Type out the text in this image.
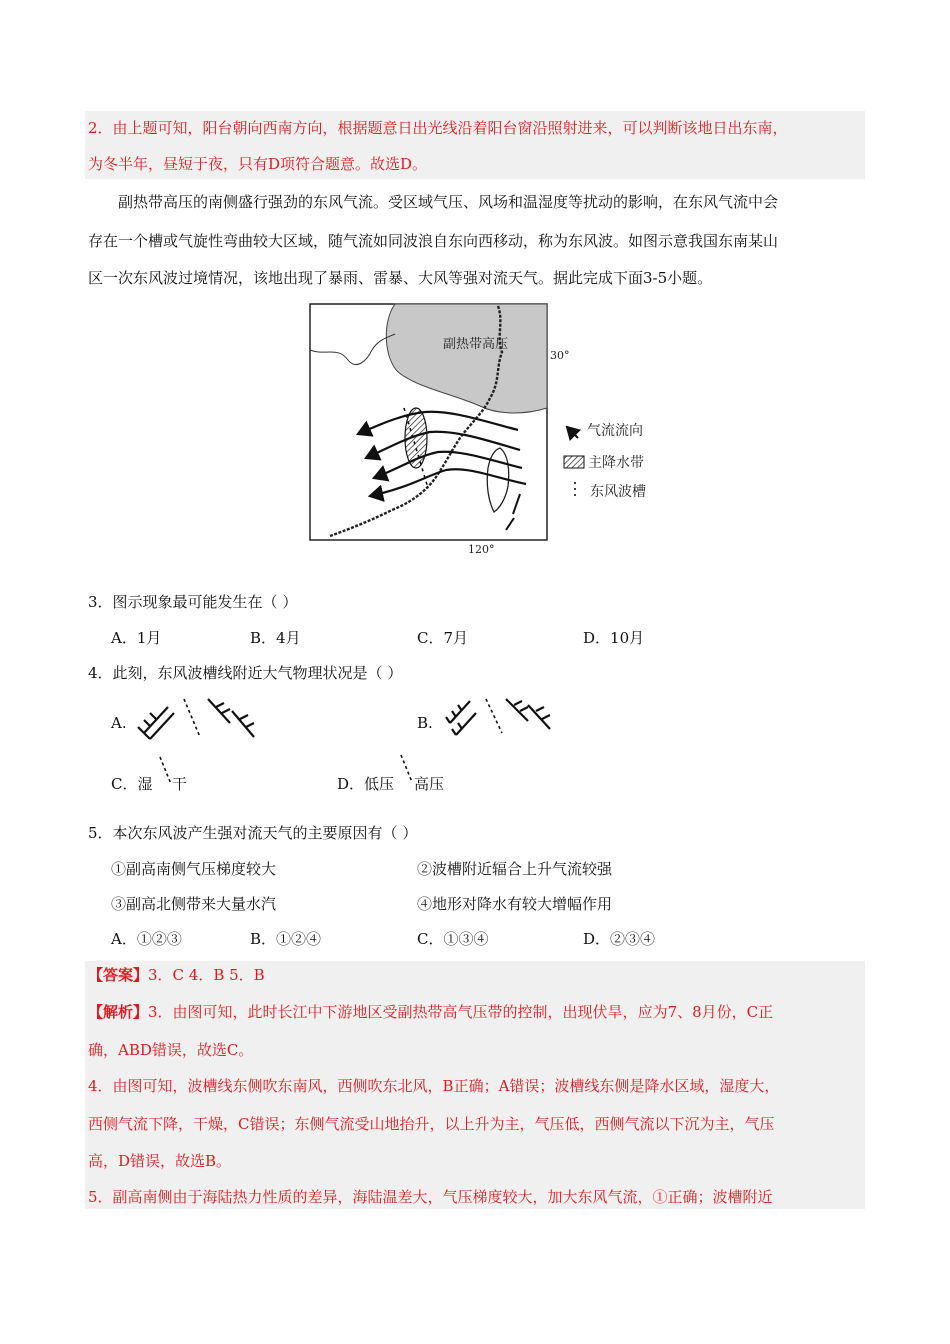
2．由上题可知，阳台朝向西南方向，根据题意日出光线沿着阳台窗沿照射进来，可以判断该地日出东南，
为冬半年，昼短于夜，只有D项符合题意。故选D。
副热带高压的南侧盛行强劲的东风气流。受区域气压、风场和温湿度等扰动的影响，在东风气流中会
存在一个槽或气旋性弯曲较大区域，随气流如同波浪自东向西移动，称为东风波。如图示意我国东南某山
区一次东风波过境情况，该地出现了暴雨、雷暴、大风等强对流天气。据此完成下面3-5小题。
副热带高压
30°
120°
气流流向
主降水带
东风波槽
3．图示现象最可能发生在（ ）
A．1月	B．4月	C．7月	D．10月
4．此刻，东风波槽线附近大气物理状况是（ ）
A.	B.
C．湿 干	D．低压 高压
5．本次东风波产生强对流天气的主要原因有（ ）
①副高南侧气压梯度较大	②波槽附近辐合上升气流较强
③副高北侧带来大量水汽	④地形对降水有较大增幅作用
A．①②③	B．①②④	C．①③④	D．②③④
【答案】3．C 4．B 5．B
【解析】3．由图可知，此时长江中下游地区受副热带高气压带的控制，出现伏旱，应为7、8月份，C正
确，ABD错误，故选C。
4．由图可知，波槽线东侧吹东南风，西侧吹东北风，B正确；A错误；波槽线东侧是降水区域，湿度大，
西侧气流下降，干燥，C错误；东侧气流受山地抬升，以上升为主，气压低，西侧气流以下沉为主，气压
高，D错误，故选B。
5．副高南侧由于海陆热力性质的差异，海陆温差大，气压梯度较大，加大东风气流，①正确；波槽附近
